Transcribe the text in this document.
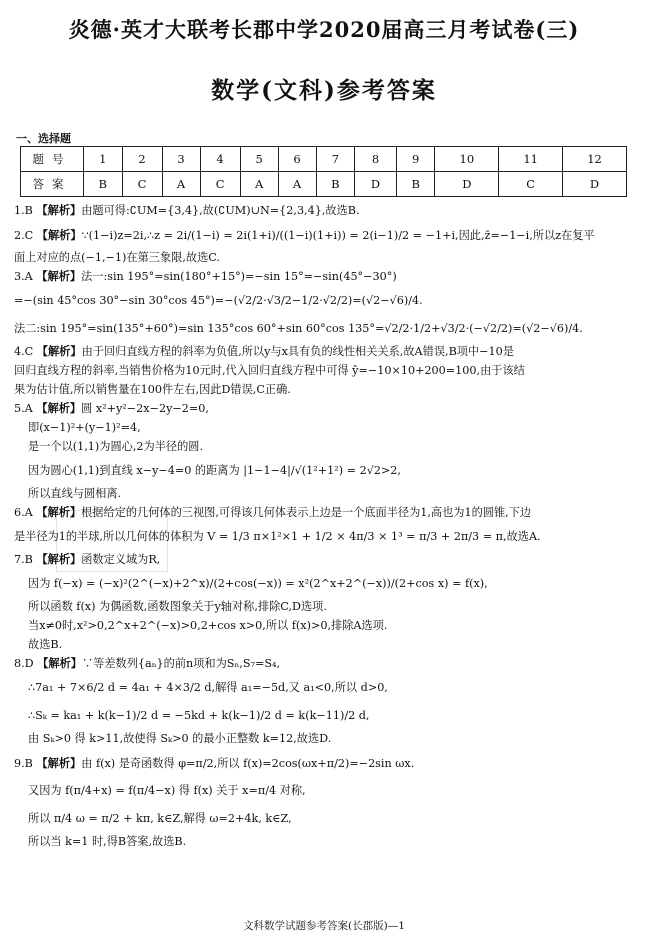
炎德·英才大联考长郡中学2020届高三月考试卷(三)
数学(文科)参考答案
一、选择题
题号	1	2	3	4	5	6	7	8	9	10	11	12
答案	B	C	A	C	A	A	B	D	B	D	C	D
1.B 【解析】由题可得:∁UM={3,4},故(∁UM)∪N={2,3,4},故选B.
2.C 【解析】∵(1−i)z=2i,∴z = 2i/(1−i) = 2i(1+i)/((1−i)(1+i)) = 2(i−1)/2 = −1+i,因此,z̄=−1−i,所以z在复平
面上对应的点(−1,−1)在第三象限,故选C.
3.A 【解析】法一:sin 195°=sin(180°+15°)=−sin 15°=−sin(45°−30°)
=−(sin 45°cos 30°−sin 30°cos 45°)=−(√2/2·√3/2−1/2·√2/2)=(√2−√6)/4.
法二:sin 195°=sin(135°+60°)=sin 135°cos 60°+sin 60°cos 135°=√2/2·1/2+√3/2·(−√2/2)=(√2−√6)/4.
4.C 【解析】由于回归直线方程的斜率为负值,所以y与x具有负的线性相关关系,故A错误,B项中−10是
回归直线方程的斜率,当销售价格为10元时,代入回归直线方程中可得 ŷ=−10×10+200=100,由于该结
果为估计值,所以销售量在100件左右,因此D错误,C正确.
5.A 【解析】圆 x²+y²−2x−2y−2=0,
即(x−1)²+(y−1)²=4,
是一个以(1,1)为圆心,2为半径的圆.
因为圆心(1,1)到直线 x−y−4=0 的距离为 |1−1−4|/√(1²+1²) = 2√2>2,
所以直线与圆相离.
6.A 【解析】根据给定的几何体的三视图,可得该几何体表示上边是一个底面半径为1,高也为1的圆锥,下边
是半径为1的半球,所以几何体的体积为 V = 1/3 π×1²×1 + 1/2 × 4π/3 × 1³ = π/3 + 2π/3 = π,故选A.
7.B 【解析】函数定义域为R,
因为 f(−x) = (−x)²(2^(−x)+2^x)/(2+cos(−x)) = x²(2^x+2^(−x))/(2+cos x) = f(x),
所以函数 f(x) 为偶函数,函数图象关于y轴对称,排除C,D选项.
当x≠0时,x²>0,2^x+2^(−x)>0,2+cos x>0,所以 f(x)>0,排除A选项.
故选B.
8.D 【解析】∵等差数列{aₙ}的前n项和为Sₙ,S₇=S₄,
∴7a₁ + 7×6/2 d = 4a₁ + 4×3/2 d,解得 a₁=−5d,又 a₁<0,所以 d>0,
∴Sₖ = ka₁ + k(k−1)/2 d = −5kd + k(k−1)/2 d = k(k−11)/2 d,
由 Sₖ>0 得 k>11,故使得 Sₖ>0 的最小正整数 k=12,故选D.
9.B 【解析】由 f(x) 是奇函数得 φ=π/2,所以 f(x)=2cos(ωx+π/2)=−2sin ωx.
又因为 f(π/4+x) = f(π/4−x) 得 f(x) 关于 x=π/4 对称,
所以 π/4 ω = π/2 + kπ, k∈Z,解得 ω=2+4k, k∈Z,
所以当 k=1 时,得B答案,故选B.
文科数学试题参考答案(长郡版)—1
